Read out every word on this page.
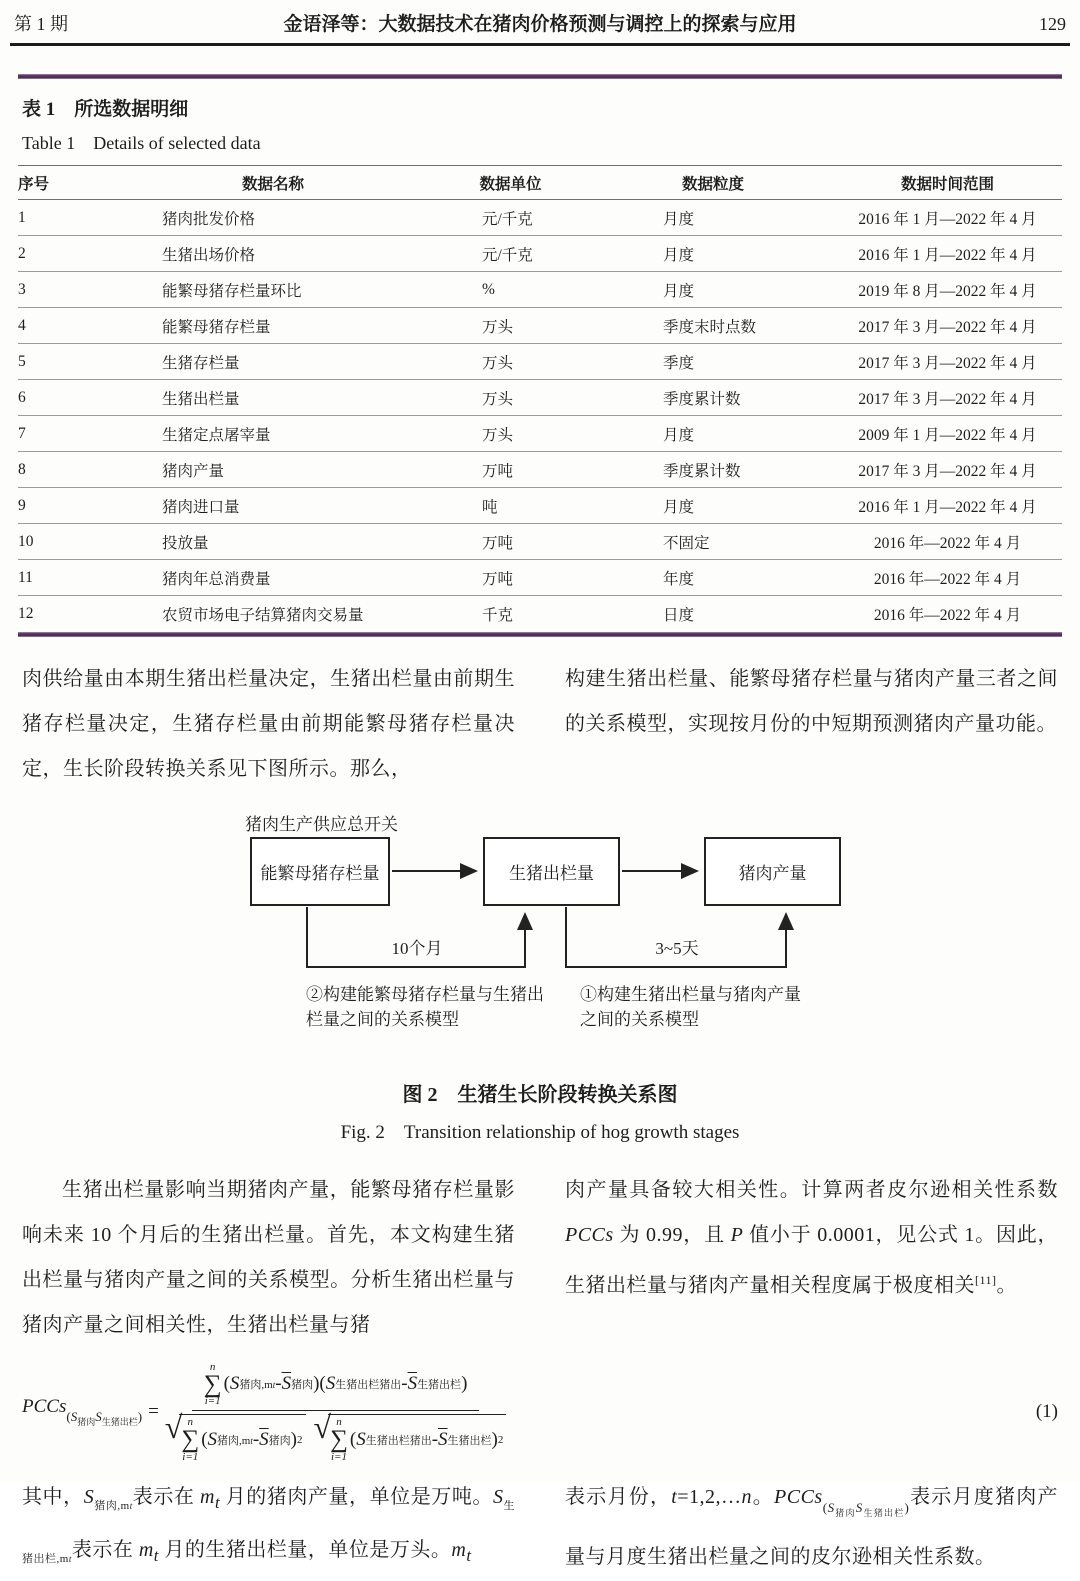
第 1 期	金语泽等：大数据技术在猪肉价格预测与调控上的探索与应用	129
表 1　所选数据明细
Table 1　Details of selected data
序号	数据名称	数据单位	数据粒度	数据时间范围
1	猪肉批发价格	元/千克	月度	2016 年 1 月—2022 年 4 月
2	生猪出场价格	元/千克	月度	2016 年 1 月—2022 年 4 月
3	能繁母猪存栏量环比	%	月度	2019 年 8 月—2022 年 4 月
4	能繁母猪存栏量	万头	季度末时点数	2017 年 3 月—2022 年 4 月
5	生猪存栏量	万头	季度	2017 年 3 月—2022 年 4 月
6	生猪出栏量	万头	季度累计数	2017 年 3 月—2022 年 4 月
7	生猪定点屠宰量	万头	月度	2009 年 1 月—2022 年 4 月
8	猪肉产量	万吨	季度累计数	2017 年 3 月—2022 年 4 月
9	猪肉进口量	吨	月度	2016 年 1 月—2022 年 4 月
10	投放量	万吨	不固定	2016 年—2022 年 4 月
11	猪肉年总消费量	万吨	年度	2016 年—2022 年 4 月
12	农贸市场电子结算猪肉交易量	千克	日度	2016 年—2022 年 4 月

肉供给量由本期生猪出栏量决定，生猪出栏量由前期生猪存栏量决定，生猪存栏量由前期能繁母猪存栏量决定，生长阶段转换关系见下图所示。那么，

构建生猪出栏量、能繁母猪存栏量与猪肉产量三者之间的关系模型，实现按月份的中短期预测猪肉产量功能。

猪肉生产供应总开关
能繁母猪存栏量	生猪出栏量	猪肉产量
10个月	3~5天
②构建能繁母猪存栏量与生猪出
栏量之间的关系模型
①构建生猪出栏量与猪肉产量
之间的关系模型
图 2　生猪生长阶段转换关系图
Fig. 2　Transition relationship of hog growth stages

生猪出栏量影响当期猪肉产量，能繁母猪存栏量影响未来 10 个月后的生猪出栏量。首先，本文构建生猪出栏量与猪肉产量之间的关系模型。分析生猪出栏量与猪肉产量之间相关性，生猪出栏量与猪

肉产量具备较大相关性。计算两者皮尔逊相关性系数 PCCs 为 0.99，且 P 值小于 0.0001，见公式 1。因此，生猪出栏量与猪肉产量相关程度属于极度相关[11]。

PCCs$_{(S_{猪肉}S_{生猪出栏})}$ = n
∑
i=1
( S 猪肉,mt - $\overline{S}$ 猪肉 ) ( S 生猪出栏猪出 - $\overline{S}$ 生猪出栏 )
√ n
∑
i=1
( S 猪肉,mt - $\overline{S}$ 猪肉 ) 2 √ n
∑
i=1
( S 生猪出栏猪出 - $\overline{S}$ 生猪出栏 ) 2	(1)

其中，$S_{猪肉,mt}$表示在 $m_t$ 月的猪肉产量，单位是万吨。$S_{生猪出栏,mt}$表示在 $m_t$ 月的生猪出栏量，单位是万头。$m_t$

表示月份，t=1,2,…n。PCCs$_{(S_{猪肉}S_{生猪出栏})}$表示月度猪肉产量与月度生猪出栏量之间的皮尔逊相关性系数。
